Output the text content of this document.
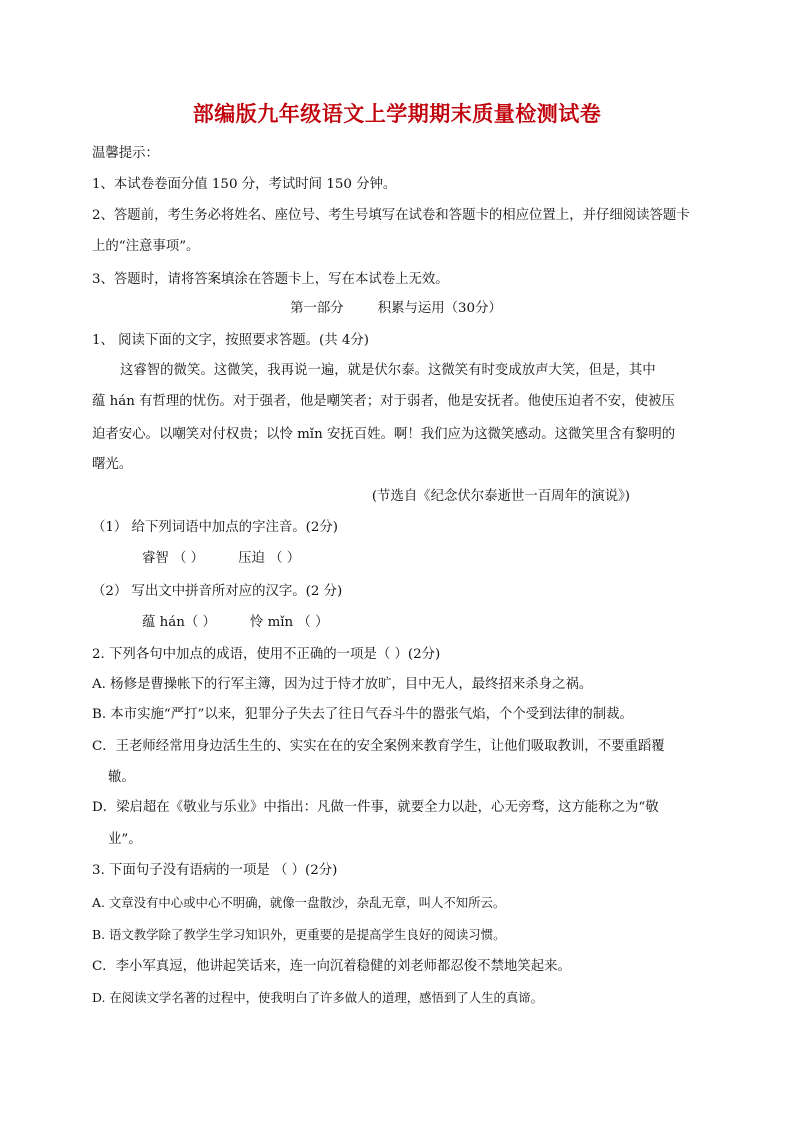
部编版九年级语文上学期期末质量检测试卷
温馨提示：
1、本试卷卷面分值 150 分，考试时间 150 分钟。
2、答题前，考生务必将姓名、座位号、考生号填写在试卷和答题卡的相应位置上，并仔细阅读答题卡
上的“注意事项”。
3、答题时，请将答案填涂在答题卡上，写在本试卷上无效。
第一部分	积累与运用（30分）
1、 阅读下面的文字，按照要求答题。(共 4分)
这睿智的微笑。这微笑，我再说一遍，就是伏尔泰。这微笑有时变成放声大笑，但是，其中
蕴 hán 有哲理的忧伤。对于强者，他是嘲笑者；对于弱者，他是安抚者。他使压迫者不安，使被压
迫者安心。以嘲笑对付权贵；以怜 mǐn 安抚百姓。啊！我们应为这微笑感动。这微笑里含有黎明的
曙光。
(节选自《纪念伏尔泰逝世一百周年的演说》)
（1） 给下列词语中加点的字注音。(2分)
睿智 （ ）	压迫 （ ）
（2） 写出文中拼音所对应的汉字。(2 分)
蕴 hán（ ）	怜 mǐn （ ）
2. 下列各句中加点的成语，使用不正确的一项是（ ）(2分)
A. 杨修是曹操帐下的行军主簿，因为过于恃才放旷，目中无人，最终招来杀身之祸。
B. 本市实施“严打”以来，犯罪分子失去了往日气吞斗牛的嚣张气焰，个个受到法律的制裁。
C．王老师经常用身边活生生的、实实在在的安全案例来教育学生，让他们吸取教训，不要重蹈覆
辙。
D．梁启超在《敬业与乐业》中指出：凡做一件事，就要全力以赴，心无旁骛，这方能称之为“敬
业”。
3. 下面句子没有语病的一项是 （ ）(2分)
A. 文章没有中心或中心不明确，就像一盘散沙，杂乱无章，叫人不知所云。
B. 语文教学除了教学生学习知识外，更重要的是提高学生良好的阅读习惯。
C．李小军真逗，他讲起笑话来，连一向沉着稳健的刘老师都忍俊不禁地笑起来。
D. 在阅读文学名著的过程中，使我明白了许多做人的道理，感悟到了人生的真谛。
